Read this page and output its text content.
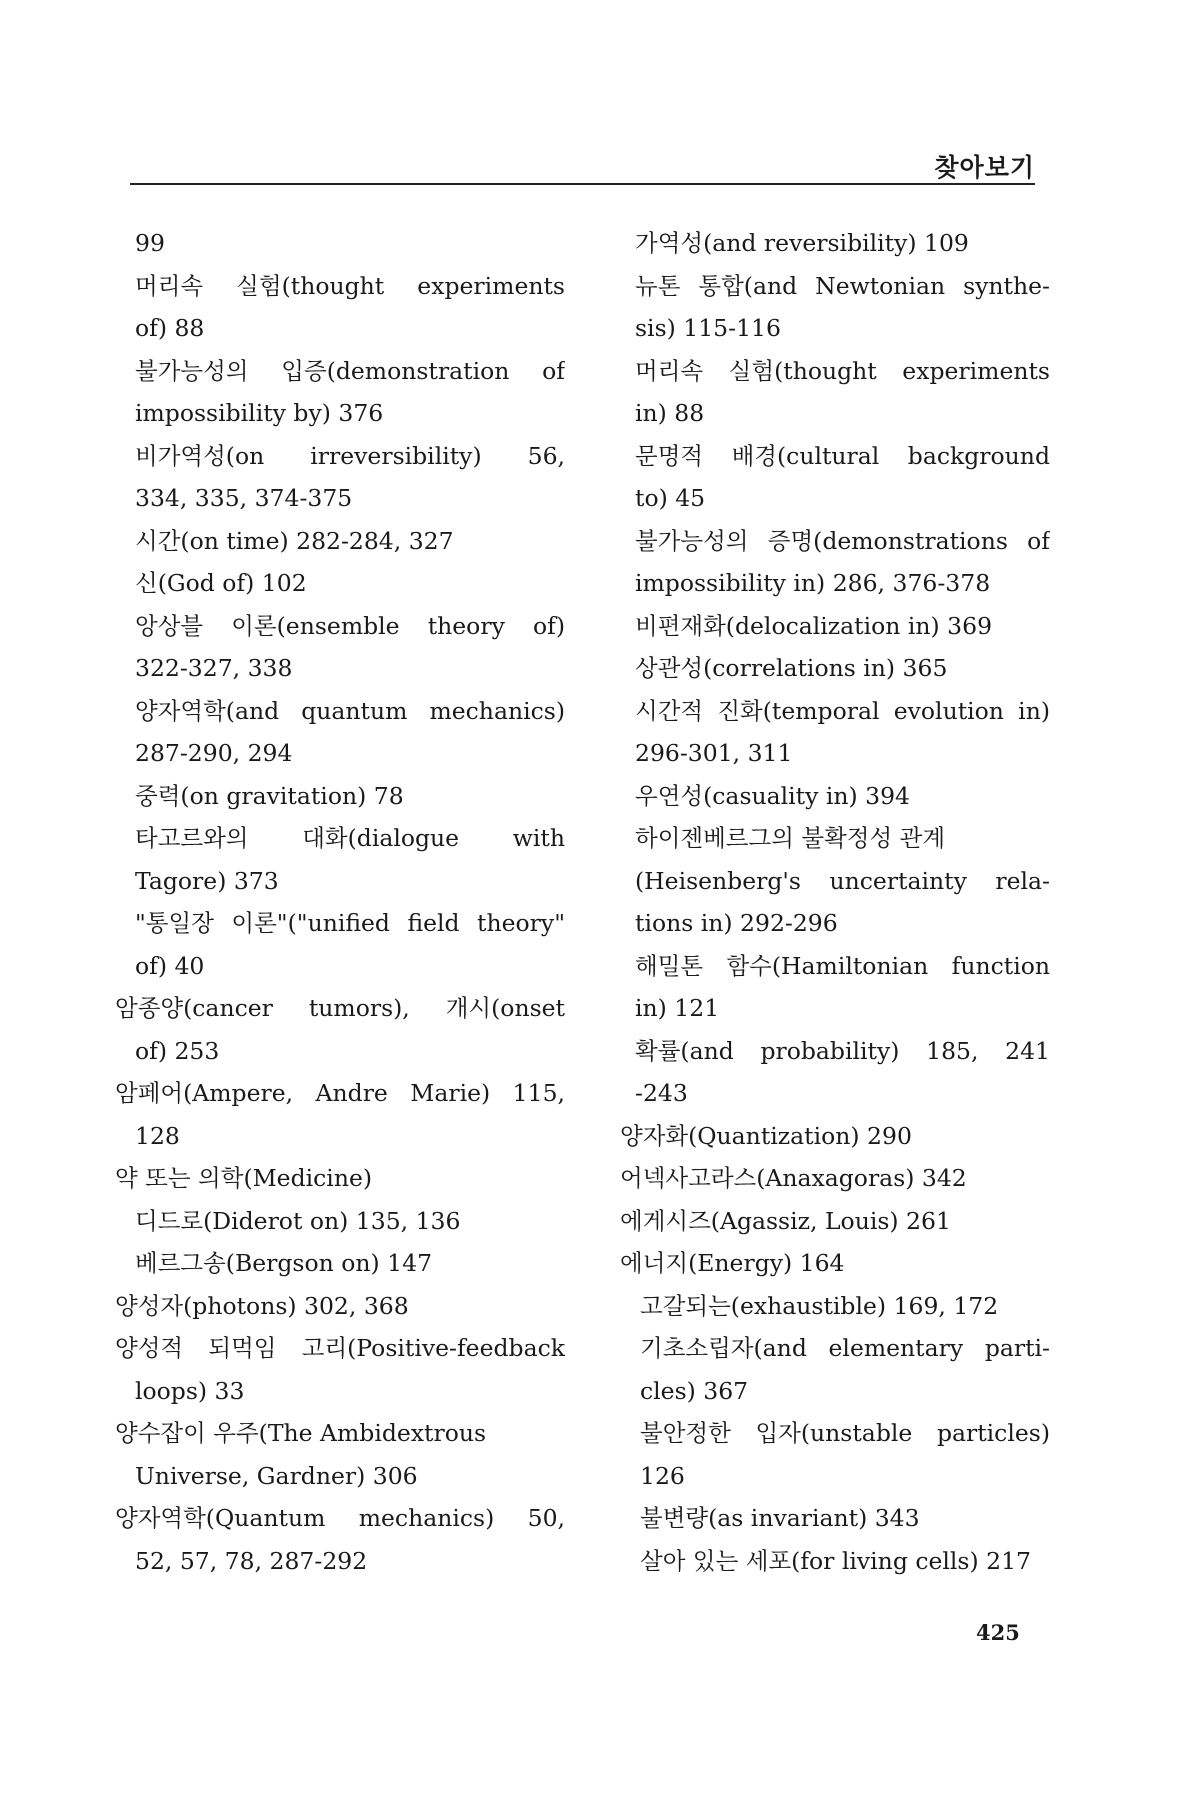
찾아보기
99
머리속 실험(thought experiments
of) 88
불가능성의 입증(demonstration of
impossibility by) 376
비가역성(on irreversibility) 56,
334, 335, 374-375
시간(on time) 282-284, 327
신(God of) 102
앙상블 이론(ensemble theory of)
322-327, 338
양자역학(and quantum mechanics)
287-290, 294
중력(on gravitation) 78
타고르와의 대화(dialogue with
Tagore) 373
"통일장 이론"("unified field theory"
of) 40
암종양(cancer tumors), 개시(onset
of) 253
암페어(Ampere, Andre Marie) 115,
128
약 또는 의학(Medicine)
디드로(Diderot on) 135, 136
베르그송(Bergson on) 147
양성자(photons) 302, 368
양성적 되먹임 고리(Positive-feedback
loops) 33
양수잡이 우주(The Ambidextrous
Universe, Gardner) 306
양자역학(Quantum mechanics) 50,
52, 57, 78, 287-292
가역성(and reversibility) 109
뉴톤 통합(and Newtonian synthe-
sis) 115-116
머리속 실험(thought experiments
in) 88
문명적 배경(cultural background
to) 45
불가능성의 증명(demonstrations of
impossibility in) 286, 376-378
비편재화(delocalization in) 369
상관성(correlations in) 365
시간적 진화(temporal evolution in)
296-301, 311
우연성(casuality in) 394
하이젠베르그의 불확정성 관계
(Heisenberg's uncertainty rela-
tions in) 292-296
해밀톤 함수(Hamiltonian function
in) 121
확률(and probability) 185, 241
-243
양자화(Quantization) 290
어넥사고라스(Anaxagoras) 342
에게시즈(Agassiz, Louis) 261
에너지(Energy) 164
고갈되는(exhaustible) 169, 172
기초소립자(and elementary parti-
cles) 367
불안정한 입자(unstable particles)
126
불변량(as invariant) 343
살아 있는 세포(for living cells) 217
425
